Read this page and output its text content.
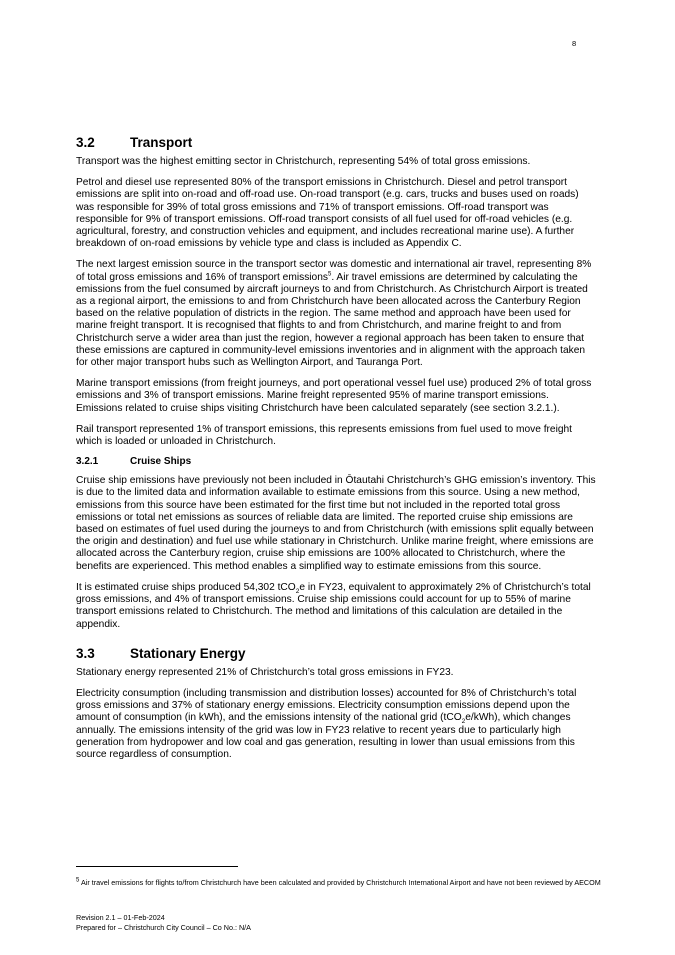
8
3.2	Transport

Transport was the highest emitting sector in Christchurch, representing 54% of total gross emissions.

Petrol and diesel use represented 80% of the transport emissions in Christchurch. Diesel and petrol transport emissions are split into on-road and off-road use. On-road transport (e.g. cars, trucks and buses used on roads) was responsible for 39% of total gross emissions and 71% of transport emissions. Off-road transport was responsible for 9% of transport emissions. Off-road transport consists of all fuel used for off-road vehicles (e.g. agricultural, forestry, and construction vehicles and equipment, and includes recreational marine use). A further breakdown of on-road emissions by vehicle type and class is included as Appendix C.

The next largest emission source in the transport sector was domestic and international air travel, representing 8% of total gross emissions and 16% of transport emissions$^5$. Air travel emissions are determined by calculating the emissions from the fuel consumed by aircraft journeys to and from Christchurch. As Christchurch Airport is treated as a regional airport, the emissions to and from Christchurch have been allocated across the Canterbury Region based on the relative population of districts in the region. The same method and approach have been used for marine freight transport. It is recognised that flights to and from Christchurch, and marine freight to and from Christchurch serve a wider area than just the region, however a regional approach has been taken to ensure that these emissions are captured in community-level emissions inventories and in alignment with the approach taken for other major transport hubs such as Wellington Airport, and Tauranga Port.

Marine transport emissions (from freight journeys, and port operational vessel fuel use) produced 2% of total gross emissions and 3% of transport emissions. Marine freight represented 95% of marine transport emissions. Emissions related to cruise ships visiting Christchurch have been calculated separately (see section 3.2.1.).

Rail transport represented 1% of transport emissions, this represents emissions from fuel used to move freight which is loaded or unloaded in Christchurch.

3.2.1	Cruise Ships

Cruise ship emissions have previously not been included in Ōtautahi Christchurch’s GHG emission’s inventory. This is due to the limited data and information available to estimate emissions from this source. Using a new method, emissions from this source have been estimated for the first time but not included in the reported total gross emissions or total net emissions as sources of reliable data are limited. The reported cruise ship emissions are based on estimates of fuel used during the journeys to and from Christchurch (with emissions split equally between the origin and destination) and fuel use while stationary in Christchurch. Unlike marine freight, where emissions are allocated across the Canterbury region, cruise ship emissions are 100% allocated to Christchurch, where the benefits are experienced. This method enables a simplified way to estimate emissions from this source.

It is estimated cruise ships produced 54,302 tCO$_2$e in FY23, equivalent to approximately 2% of Christchurch’s total gross emissions, and 4% of transport emissions. Cruise ship emissions could account for up to 55% of marine transport emissions related to Christchurch. The method and limitations of this calculation are detailed in the appendix.

3.3	Stationary Energy

Stationary energy represented 21% of Christchurch’s total gross emissions in FY23.

Electricity consumption (including transmission and distribution losses) accounted for 8% of Christchurch’s total gross emissions and 37% of stationary energy emissions. Electricity consumption emissions depend upon the amount of consumption (in kWh), and the emissions intensity of the national grid (tCO$_2$e/kWh), which changes annually. The emissions intensity of the grid was low in FY23 relative to recent years due to particularly high generation from hydropower and low coal and gas generation, resulting in lower than usual emissions from this source regardless of consumption.

$^5$ Air travel emissions for flights to/from Christchurch have been calculated and provided by Christchurch International Airport and have not been reviewed by AECOM
Revision 2.1 – 01-Feb-2024
Prepared for – Christchurch City Council – Co No.: N/A
